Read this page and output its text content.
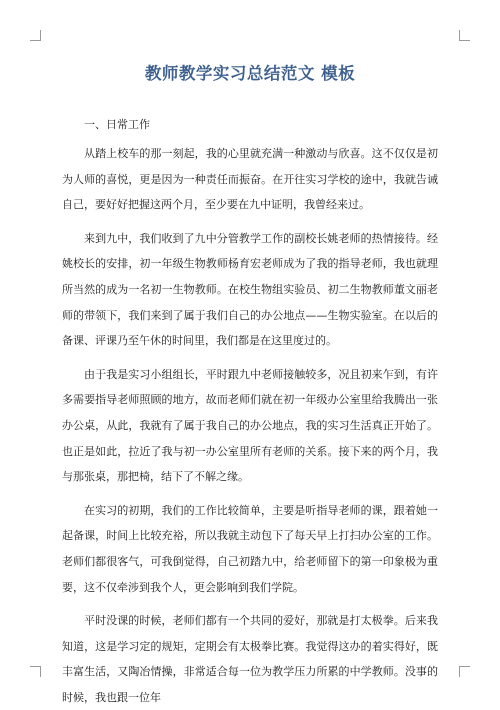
教师教学实习总结范文 模板

一、日常工作

从踏上校车的那一刻起，我的心里就充满一种激动与欣喜。这不仅仅是初为人师的喜悦，更是因为一种责任而振奋。在开往实习学校的途中，我就告诫自己，要好好把握这两个月，至少要在九中证明，我曾经来过。

来到九中，我们收到了九中分管教学工作的副校长姚老师的热情接待。经姚校长的安排，初一年级生物教师杨育宏老师成为了我的指导老师，我也就理所当然的成为一名初一生物教师。在校生物组实验员、初二生物教师董文丽老师的带领下，我们来到了属于我们自己的办公地点——生物实验室。在以后的备课、评课乃至午休的时间里，我们都是在这里度过的。

由于我是实习小组组长，平时跟九中老师接触较多，况且初来乍到，有许多需要指导老师照顾的地方，故而老师们就在初一年级办公室里给我腾出一张办公桌，从此，我就有了属于我自己的办公地点，我的实习生活真正开始了。也正是如此，拉近了我与初一办公室里所有老师的关系。接下来的两个月，我与那张桌，那把椅，结下了不解之缘。

在实习的初期，我们的工作比较简单，主要是听指导老师的课，跟着她一起备课，时间上比较充裕，所以我就主动包下了每天早上打扫办公室的工作。老师们都很客气，可我倒觉得，自己初踏九中，给老师留下的第一印象极为重要，这不仅牵涉到我个人，更会影响到我们学院。

平时没课的时候，老师们都有一个共同的爱好，那就是打太极拳。后来我知道，这是学习定的规矩，定期会有太极拳比赛。我觉得这办的着实得好，既丰富生活，又陶冶情操，非常适合每一位为教学压力所累的中学教师。没事的时候，我也跟一位年
